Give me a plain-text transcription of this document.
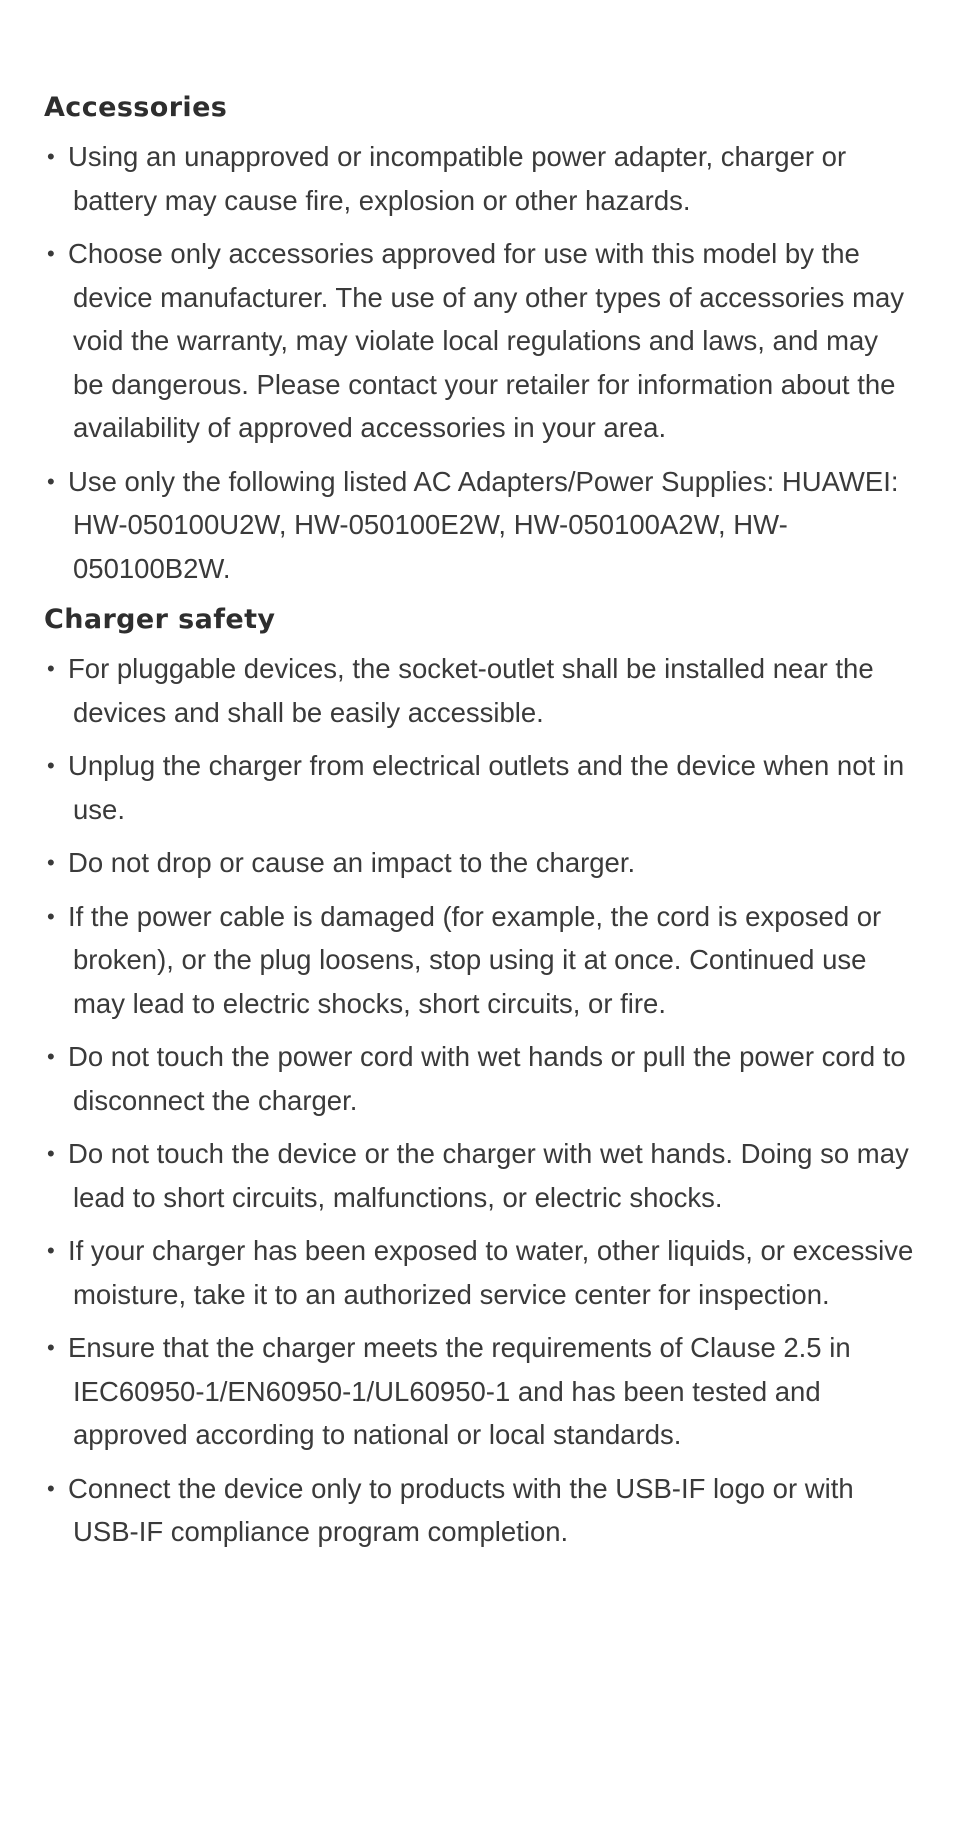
Accessories
• Using an unapproved or incompatible power adapter, charger or battery may cause fire, explosion or other hazards.
• Choose only accessories approved for use with this model by the device manufacturer. The use of any other types of accessories may void the warranty, may violate local regulations and laws, and may be dangerous. Please contact your retailer for information about the availability of approved accessories in your area.
• Use only the following listed AC Adapters/Power Supplies: HUAWEI: HW-050100U2W, HW-050100E2W, HW-050100A2W, HW-050100B2W.
Charger safety
• For pluggable devices, the socket-outlet shall be installed near the devices and shall be easily accessible.
• Unplug the charger from electrical outlets and the device when not in use.
• Do not drop or cause an impact to the charger.
• If the power cable is damaged (for example, the cord is exposed or broken), or the plug loosens, stop using it at once. Continued use may lead to electric shocks, short circuits, or fire.
• Do not touch the power cord with wet hands or pull the power cord to disconnect the charger.
• Do not touch the device or the charger with wet hands. Doing so may lead to short circuits, malfunctions, or electric shocks.
• If your charger has been exposed to water, other liquids, or excessive moisture, take it to an authorized service center for inspection.
• Ensure that the charger meets the requirements of Clause 2.5 in IEC60950-1/EN60950-1/UL60950-1 and has been tested and approved according to national or local standards.
• Connect the device only to products with the USB-IF logo or with USB-IF compliance program completion.
